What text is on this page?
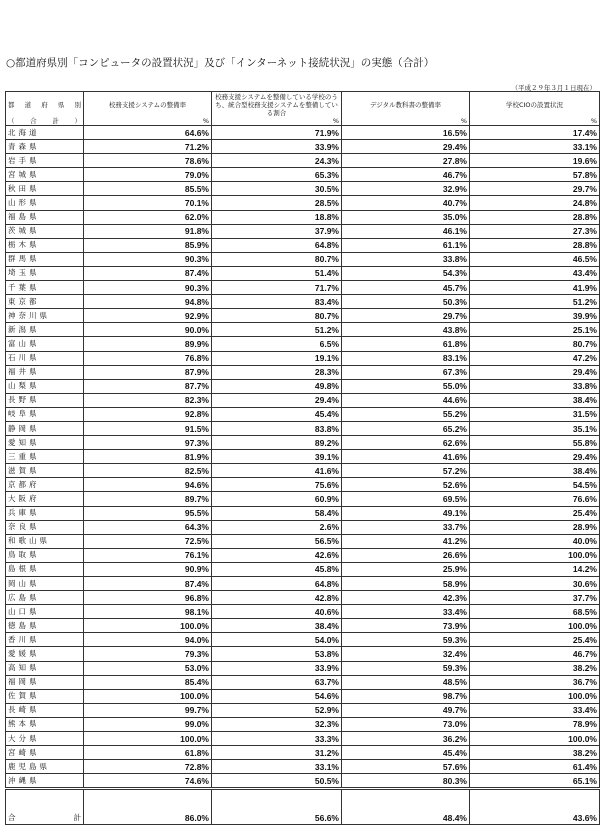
○都道府県別「コンピュータの設置状況」及び「インターネット接続状況」の実態（合計）
（平成２９年３月１日現在）
都 道 府 県 別	校務支援システムの整備率	校務支援システムを整備している学校のうち、統合型校務支援システムを整備している割合	デジタル教科書の整備率	学校CIOの設置状況

（ 合 計 ）	%	%	%	%
北海道	64.6%	71.9%	16.5%	17.4%
青森県	71.2%	33.9%	29.4%	33.1%
岩手県	78.6%	24.3%	27.8%	19.6%
宮城県	79.0%	65.3%	46.7%	57.8%
秋田県	85.5%	30.5%	32.9%	29.7%
山形県	70.1%	28.5%	40.7%	24.8%
福島県	62.0%	18.8%	35.0%	28.8%
茨城県	91.8%	37.9%	46.1%	27.3%
栃木県	85.9%	64.8%	61.1%	28.8%
群馬県	90.3%	80.7%	33.8%	46.5%
埼玉県	87.4%	51.4%	54.3%	43.4%
千葉県	90.3%	71.7%	45.7%	41.9%
東京都	94.8%	83.4%	50.3%	51.2%
神奈川県	92.9%	80.7%	29.7%	39.9%
新潟県	90.0%	51.2%	43.8%	25.1%
富山県	89.9%	6.5%	61.8%	80.7%
石川県	76.8%	19.1%	83.1%	47.2%
福井県	87.9%	28.3%	67.3%	29.4%
山梨県	87.7%	49.8%	55.0%	33.8%
長野県	82.3%	29.4%	44.6%	38.4%
岐阜県	92.8%	45.4%	55.2%	31.5%
静岡県	91.5%	83.8%	65.2%	35.1%
愛知県	97.3%	89.2%	62.6%	55.8%
三重県	81.9%	39.1%	41.6%	29.4%
滋賀県	82.5%	41.6%	57.2%	38.4%
京都府	94.6%	75.6%	52.6%	54.5%
大阪府	89.7%	60.9%	69.5%	76.6%
兵庫県	95.5%	58.4%	49.1%	25.4%
奈良県	64.3%	2.6%	33.7%	28.9%
和歌山県	72.5%	56.5%	41.2%	40.0%
鳥取県	76.1%	42.6%	26.6%	100.0%
島根県	90.9%	45.8%	25.9%	14.2%
岡山県	87.4%	64.8%	58.9%	30.6%
広島県	96.8%	42.8%	42.3%	37.7%
山口県	98.1%	40.6%	33.4%	68.5%
徳島県	100.0%	38.4%	73.9%	100.0%
香川県	94.0%	54.0%	59.3%	25.4%
愛媛県	79.3%	53.8%	32.4%	46.7%
高知県	53.0%	33.9%	59.3%	38.2%
福岡県	85.4%	63.7%	48.5%	36.7%
佐賀県	100.0%	54.6%	98.7%	100.0%
長崎県	99.7%	52.9%	49.7%	33.4%
熊本県	99.0%	32.3%	73.0%	78.9%
大分県	100.0%	33.3%	36.2%	100.0%
宮崎県	61.8%	31.2%	45.4%	38.2%
鹿児島県	72.8%	33.1%	57.6%	61.4%
沖縄県	74.6%	50.5%	80.3%	65.1%

合 計	86.0%	56.6%	48.4%	43.6%
